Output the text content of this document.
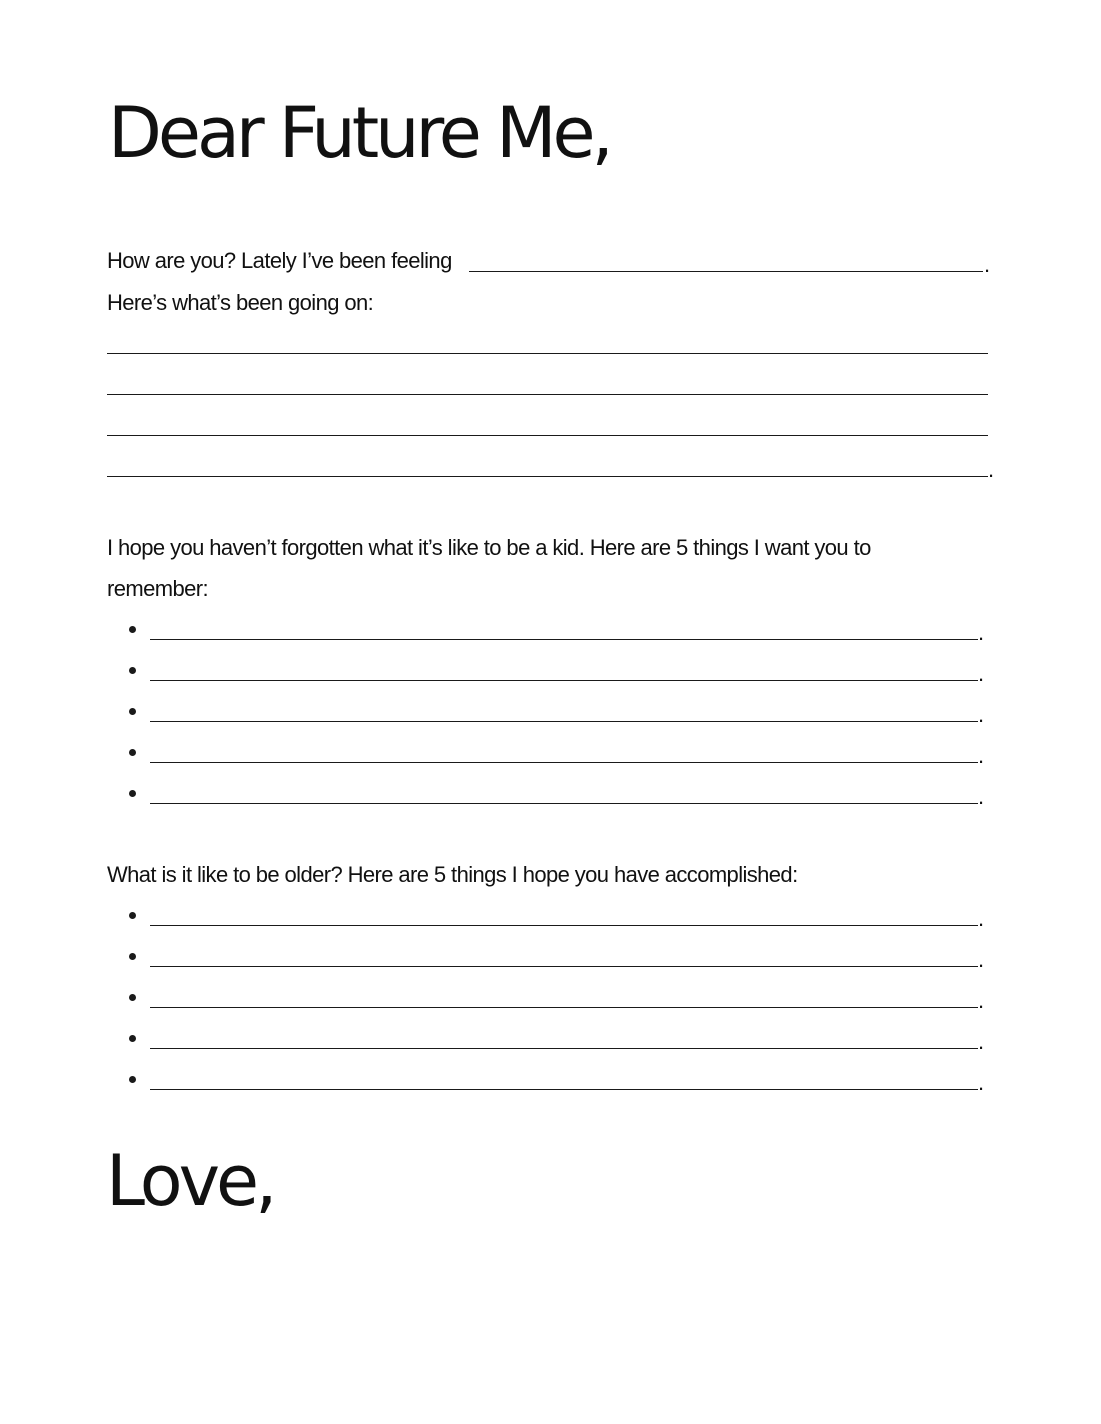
Dear Future Me,
How are you? Lately I’ve been feeling	.
Here’s what’s been going on:
.
I hope you haven’t forgotten what it’s like to be a kid. Here are 5 things I want you to
remember:
.
.
.
.
.
What is it like to be older? Here are 5 things I hope you have accomplished:
.
.
.
.
.
Love,
